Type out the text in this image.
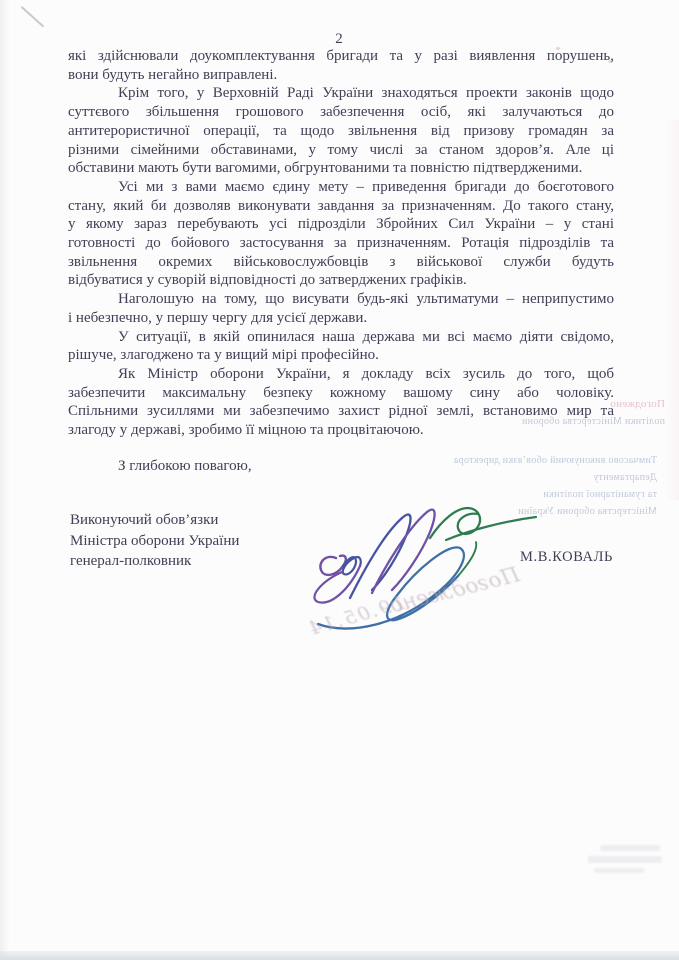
2
які здійснювали доукомплектування бригади та у разі виявлення порушень,
вони будуть негайно виправлені.
Крім того, у Верховній Раді України знаходяться проекти законів щодо
суттєвого збільшення грошового забезпечення осіб, які залучаються до
антитерористичної операції, та щодо звільнення від призову громадян за
різними сімейними обставинами, у тому числі за станом здоров’я. Але ці
обставини мають бути вагомими, обгрунтованими та повністю підтвердженими.
Усі ми з вами маємо єдину мету – приведення бригади до боєготового
стану, який би дозволяв виконувати завдання за призначенням. До такого стану,
у якому зараз перебувають усі підрозділи Збройних Сил України – у стані
готовності до бойового застосування за призначенням. Ротація підрозділів та
звільнення окремих військовослужбовців з військової служби будуть
відбуватися у суворій відповідності до затверджених графіків.
Наголошую на тому, що висувати будь-які ультиматуми – неприпустимо
і небезпечно, у першу чергу для усієї держави.
У ситуації, в якій опинилася наша держава ми всі маємо діяти свідомо,
рішуче, злагоджено та у вищий мірі професійно.
Як Міністр оборони України, я докладу всіх зусиль до того, щоб
забезпечити максимальну безпеку кожному вашому сину або чоловіку.
Спільними зусиллями ми забезпечимо захист рідної землі, встановимо мир та
злагоду у державі, зробимо її міцною та процвітаючою.
З глибокою повагою,
Виконуючий обов’язки
Міністра оборони України
генерал-полковник	М.В.КОВАЛЬ
Погоджено
політики Міністерства оборони
Тимчасово виконуючий обов’язки директора Департаменту
та гуманітарної політики
Міністерства оборони України
Погоджено
19.05.14
